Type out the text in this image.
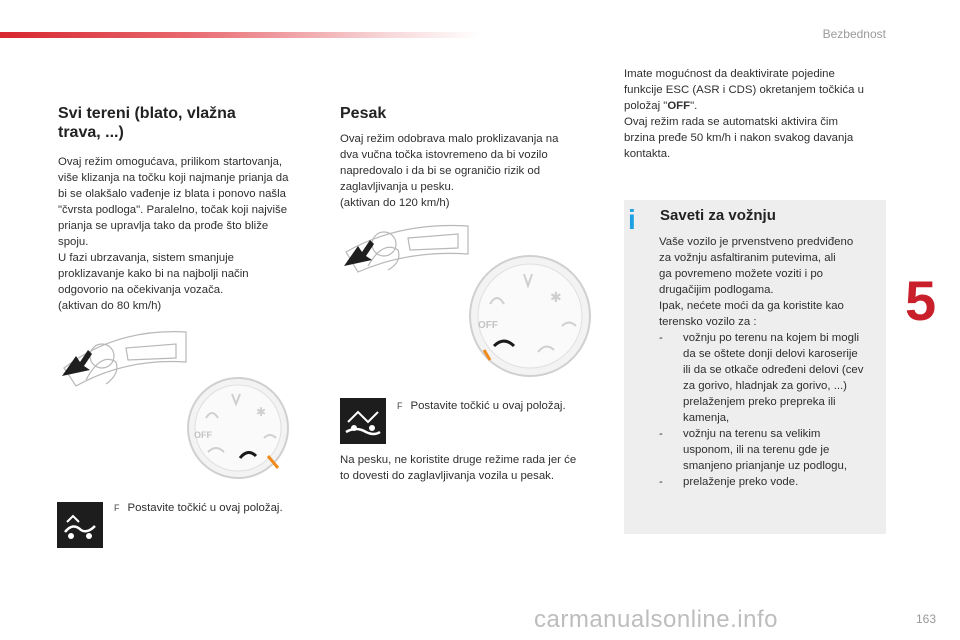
Bezbednost
5
163
carmanualsonline.info
Svi tereni (blato, vlažna
trava, ...)
Ovaj režim omogućava, prilikom startovanja,
više klizanja na točku koji najmanje prianja da
bi se olakšalo vađenje iz blata i ponovo našla
"čvrsta podloga". Paralelno, točak koji najviše
prianja se upravlja tako da prođe što bliže
spoju.
U fazi ubrzavanja, sistem smanjuje
proklizavanje kako bi na najbolji način
odgovorio na očekivanja vozača.
(aktivan do 80 km/h)
OFF
✱
F Postavite točkić u ovaj položaj.
Pesak
Ovaj režim odobrava malo proklizavanja na
dva vučna točka istovremeno da bi vozilo
napredovalo i da bi se ograničio rizik od
zaglavljivanja u pesku.
(aktivan do 120 km/h)
OFF
✱
F Postavite točkić u ovaj položaj.
Na pesku, ne koristite druge režime rada jer će
to dovesti do zaglavljivanja vozila u pesak.
Imate mogućnost da deaktivirate pojedine
funkcije ESC (ASR i CDS) okretanjem točkića u
položaj "OFF".
Ovaj režim rada se automatski aktivira čim
brzina pređe 50 km/h i nakon svakog davanja
kontakta.
i Saveti za vožnju
Vaše vozilo je prvenstveno predviđeno
za vožnju asfaltiranim putevima, ali
ga povremeno možete voziti i po
drugačijim podlogama.
Ipak, nećete moći da ga koristite kao
terensko vozilo za :
- vožnju po terenu na kojem bi mogli
da se oštete donji delovi karoserije
ili da se otkače određeni delovi (cev
za gorivo, hladnjak za gorivo, ...)
prelaženjem preko prepreka ili
kamenja,
- vožnju na terenu sa velikim
usponom, ili na terenu gde je
smanjeno prianjanje uz podlogu,
- prelaženje preko vode.
